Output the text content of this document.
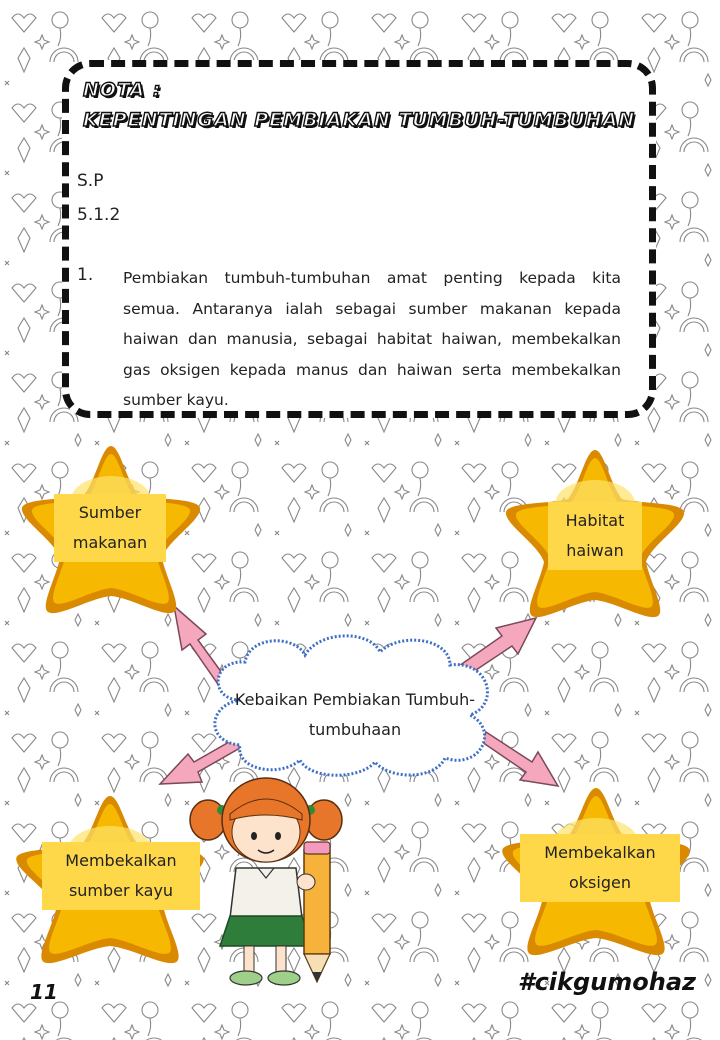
NOTA :
KEPENTINGAN PEMBIAKAN TUMBUH-TUMBUHAN
S.P
5.1.2
1. Pembiakan tumbuh-tumbuhan amat penting kepada kita semua. Antaranya ialah sebagai sumber makanan kepada haiwan dan manusia, sebagai habitat haiwan, membekalkan gas oksigen kepada manus dan haiwan serta membekalkan sumber kayu.
Kebaikan Pembiakan Tumbuh-tumbuhaan
Sumber makanan
Habitat haiwan
Membekalkan sumber kayu
Membekalkan oksigen
11	#cikgumohaz
